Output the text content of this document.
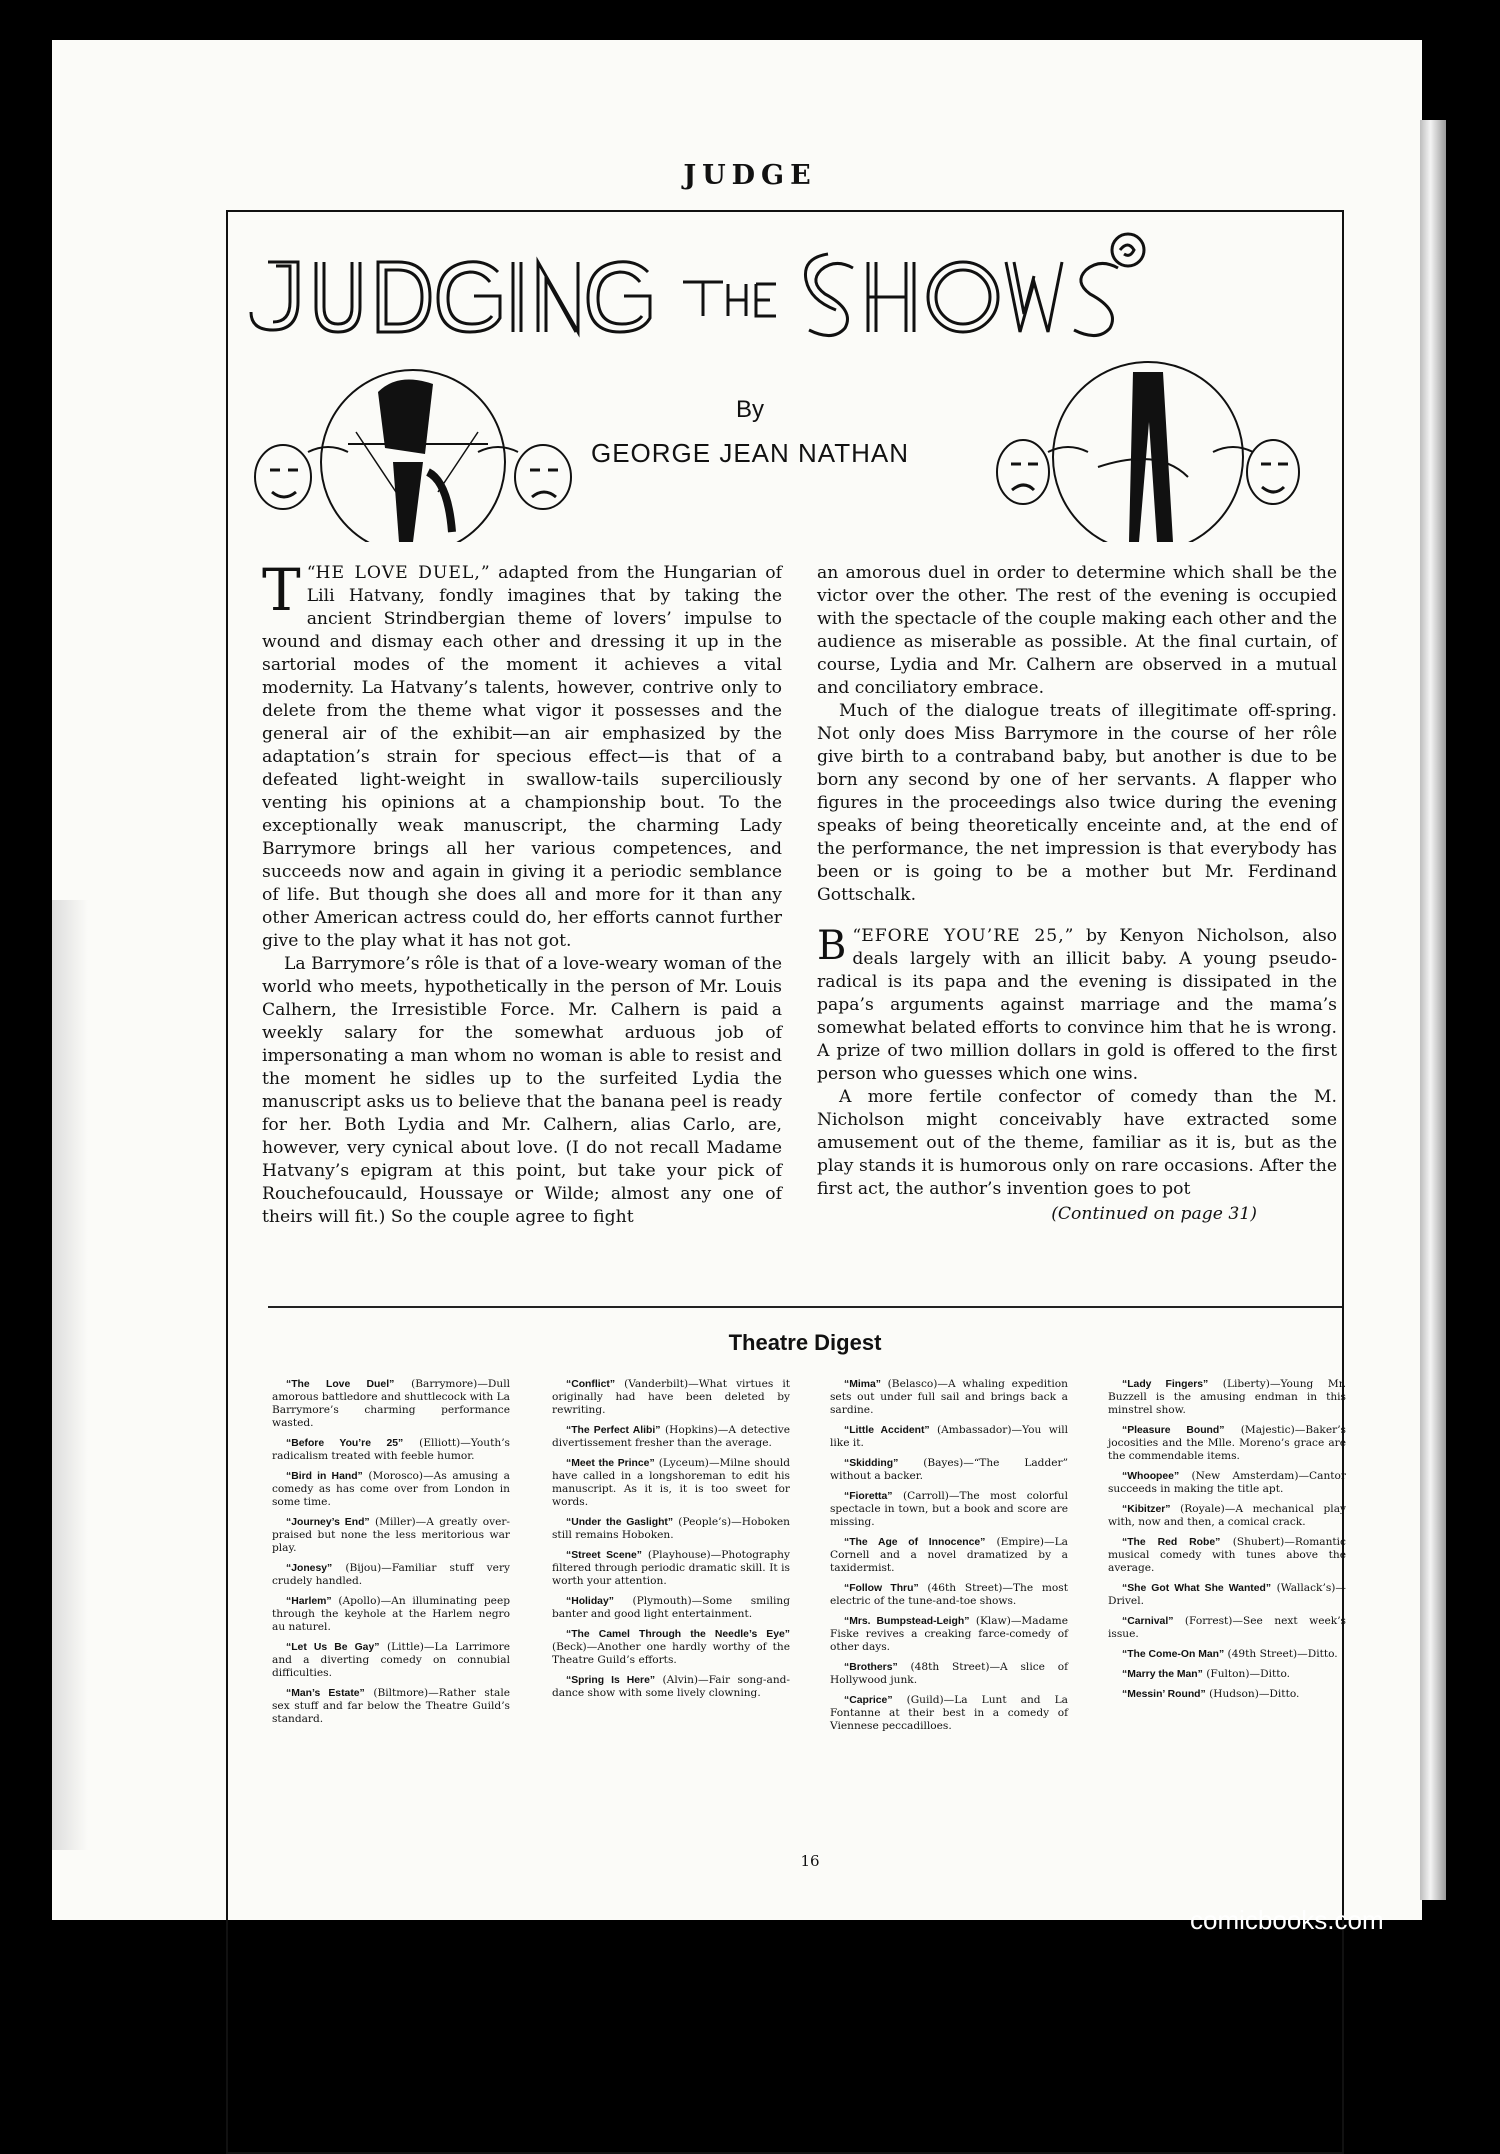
JUDGE
By
GEORGE JEAN NATHAN

“
T HE LOVE DUEL,” adapted from the Hungarian of Lili Hatvany, fondly imagines that by taking the ancient Strindbergian theme of lovers’ impulse to wound and dismay each other and dressing it up in the sartorial modes of the moment it achieves a vital modernity. La Hatvany’s talents, however, contrive only to delete from the theme what vigor it possesses and the general air of the exhibit—an air emphasized by the adaptation’s strain for specious effect—is that of a defeated light-weight in swallow-tails superciliously venting his opinions at a championship bout. To the exceptionally weak manuscript, the charming Lady Barrymore brings all her various competences, and succeeds now and again in giving it a periodic semblance of life. But though she does all and more for it than any other American actress could do, her efforts cannot further give to the play what it has not got.

La Barrymore’s rôle is that of a love-weary woman of the world who meets, hypothetically in the person of Mr. Louis Calhern, the Irresistible Force. Mr. Calhern is paid a weekly salary for the somewhat arduous job of impersonating a man whom no woman is able to resist and the moment he sidles up to the surfeited Lydia the manuscript asks us to believe that the banana peel is ready for her. Both Lydia and Mr. Calhern, alias Carlo, are, however, very cynical about love. (I do not recall Madame Hatvany’s epigram at this point, but take your pick of Rouchefoucauld, Houssaye or Wilde; almost any one of theirs will fit.) So the couple agree to fight

an amorous duel in order to determine which shall be the victor over the other. The rest of the evening is occupied with the spectacle of the couple making each other and the audience as miserable as possible. At the final curtain, of course, Lydia and Mr. Calhern are observed in a mutual and conciliatory embrace.

Much of the dialogue treats of illegitimate off-spring. Not only does Miss Barrymore in the course of her rôle give birth to a contraband baby, but another is due to be born any second by one of her servants. A flapper who figures in the proceedings also twice during the evening speaks of being theoretically enceinte and, at the end of the performance, the net impression is that everybody has been or is going to be a mother but Mr. Ferdinand Gottschalk.

“
B EFORE YOU’RE 25,” by Kenyon Nicholson, also deals largely with an illicit baby. A young pseudo-radical is its papa and the evening is dissipated in the papa’s arguments against marriage and the mama’s somewhat belated efforts to convince him that he is wrong. A prize of two million dollars in gold is offered to the first person who guesses which one wins.

A more fertile confector of comedy than the M. Nicholson might conceivably have extracted some amusement out of the theme, familiar as it is, but as the play stands it is humorous only on rare occasions. After the first act, the author’s invention goes to pot

(Continued on page 31)
Theatre Digest
“The Love Duel” (Barrymore)—Dull amorous battledore and shuttlecock with La Barrymore’s charming performance wasted.
“Before You’re 25” (Elliott)—Youth’s radicalism treated with feeble humor.
“Bird in Hand” (Morosco)—As amusing a comedy as has come over from London in some time.
“Journey’s End” (Miller)—A greatly over-praised but none the less meritorious war play.
“Jonesy” (Bijou)—Familiar stuff very crudely handled.
“Harlem” (Apollo)—An illuminating peep through the keyhole at the Harlem negro au naturel.
“Let Us Be Gay” (Little)—La Larrimore and a diverting comedy on connubial difficulties.
“Man’s Estate” (Biltmore)—Rather stale sex stuff and far below the Theatre Guild’s standard.
“Conflict” (Vanderbilt)—What virtues it originally had have been deleted by rewriting.
“The Perfect Alibi” (Hopkins)—A detective divertissement fresher than the average.
“Meet the Prince” (Lyceum)—Milne should have called in a longshoreman to edit his manuscript. As it is, it is too sweet for words.
“Under the Gaslight” (People’s)—Hoboken still remains Hoboken.
“Street Scene” (Playhouse)—Photography filtered through periodic dramatic skill. It is worth your attention.
“Holiday” (Plymouth)—Some smiling banter and good light entertainment.
“The Camel Through the Needle’s Eye” (Beck)—Another one hardly worthy of the Theatre Guild’s efforts.
“Spring Is Here” (Alvin)—Fair song-and-dance show with some lively clowning.
“Mima” (Belasco)—A whaling expedition sets out under full sail and brings back a sardine.
“Little Accident” (Ambassador)—You will like it.
“Skidding” (Bayes)—“The Ladder” without a backer.
“Fioretta” (Carroll)—The most colorful spectacle in town, but a book and score are missing.
“The Age of Innocence” (Empire)—La Cornell and a novel dramatized by a taxidermist.
“Follow Thru” (46th Street)—The most electric of the tune-and-toe shows.
“Mrs. Bumpstead-Leigh” (Klaw)—Madame Fiske revives a creaking farce-comedy of other days.
“Brothers” (48th Street)—A slice of Hollywood junk.
“Caprice” (Guild)—La Lunt and La Fontanne at their best in a comedy of Viennese peccadilloes.
“Lady Fingers” (Liberty)—Young Mr. Buzzell is the amusing endman in this minstrel show.
“Pleasure Bound” (Majestic)—Baker’s jocosities and the Mlle. Moreno’s grace are the commendable items.
“Whoopee” (New Amsterdam)—Cantor succeeds in making the title apt.
“Kibitzer” (Royale)—A mechanical play with, now and then, a comical crack.
“The Red Robe” (Shubert)—Romantic musical comedy with tunes above the average.
“She Got What She Wanted” (Wallack’s)—Drivel.
“Carnival” (Forrest)—See next week’s issue.
“The Come-On Man” (49th Street)—Ditto.
“Marry the Man” (Fulton)—Ditto.
“Messin’ Round” (Hudson)—Ditto.
16
comicbooks.com
